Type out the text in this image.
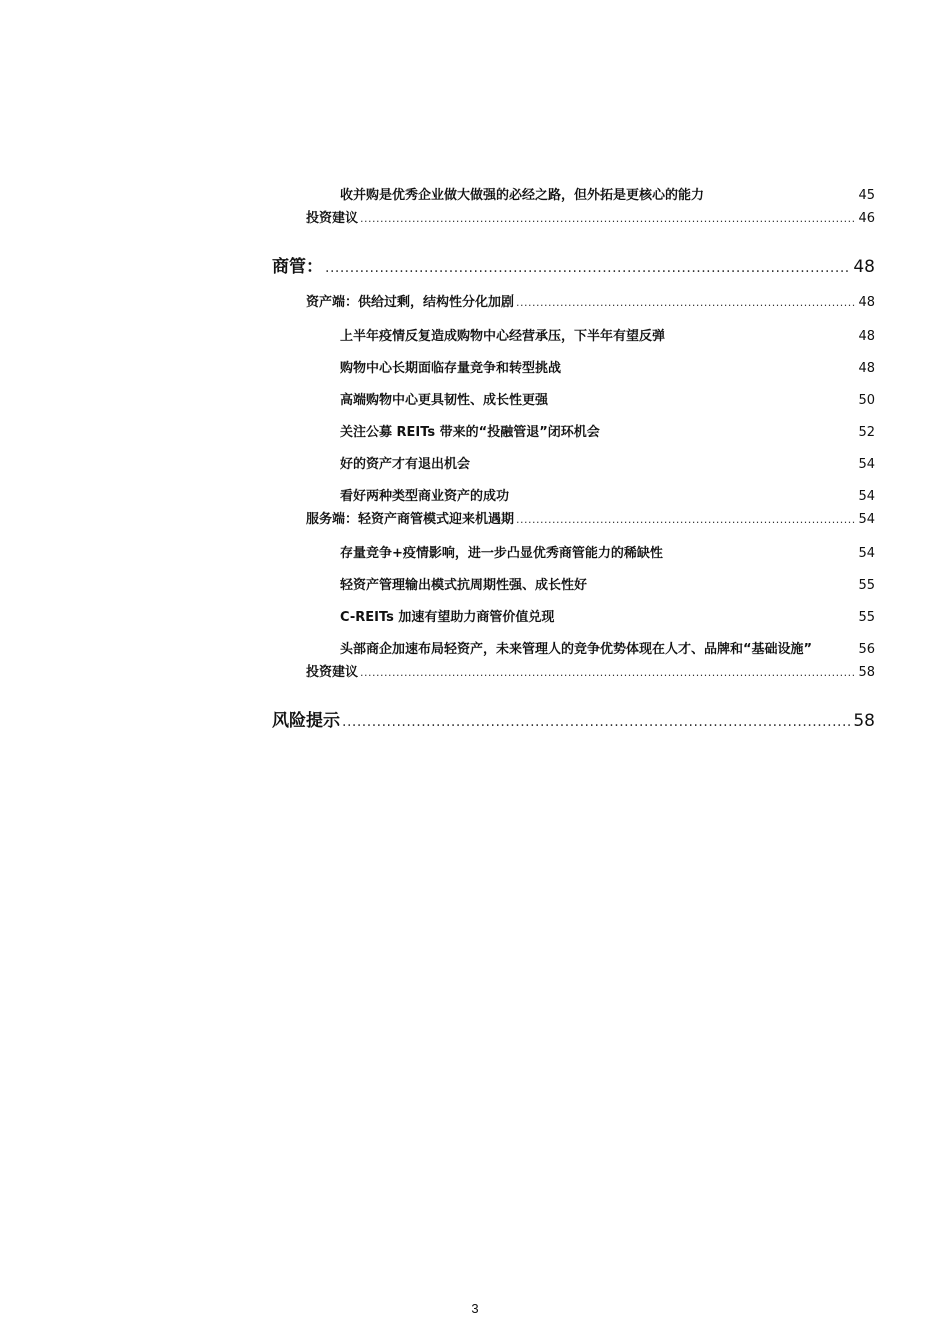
收并购是优秀企业做大做强的必经之路，但外拓是更核心的能力	45
投资建议 .....	46
商管： .....	48
资产端：供给过剩，结构性分化加剧 .....	48
上半年疫情反复造成购物中心经营承压，下半年有望反弹	48
购物中心长期面临存量竞争和转型挑战	48
高端购物中心更具韧性、成长性更强	50
关注公募 REITs 带来的“投融管退”闭环机会	52
好的资产才有退出机会	54
看好两种类型商业资产的成功	54
服务端：轻资产商管模式迎来机遇期 .....	54
存量竞争+疫情影响，进一步凸显优秀商管能力的稀缺性	54
轻资产管理输出模式抗周期性强、成长性好	55
C-REITs 加速有望助力商管价值兑现	55
头部商企加速布局轻资产，未来管理人的竞争优势体现在人才、品牌和“基础设施”	56
投资建议 .....	58
风险提示 .....	58
3
